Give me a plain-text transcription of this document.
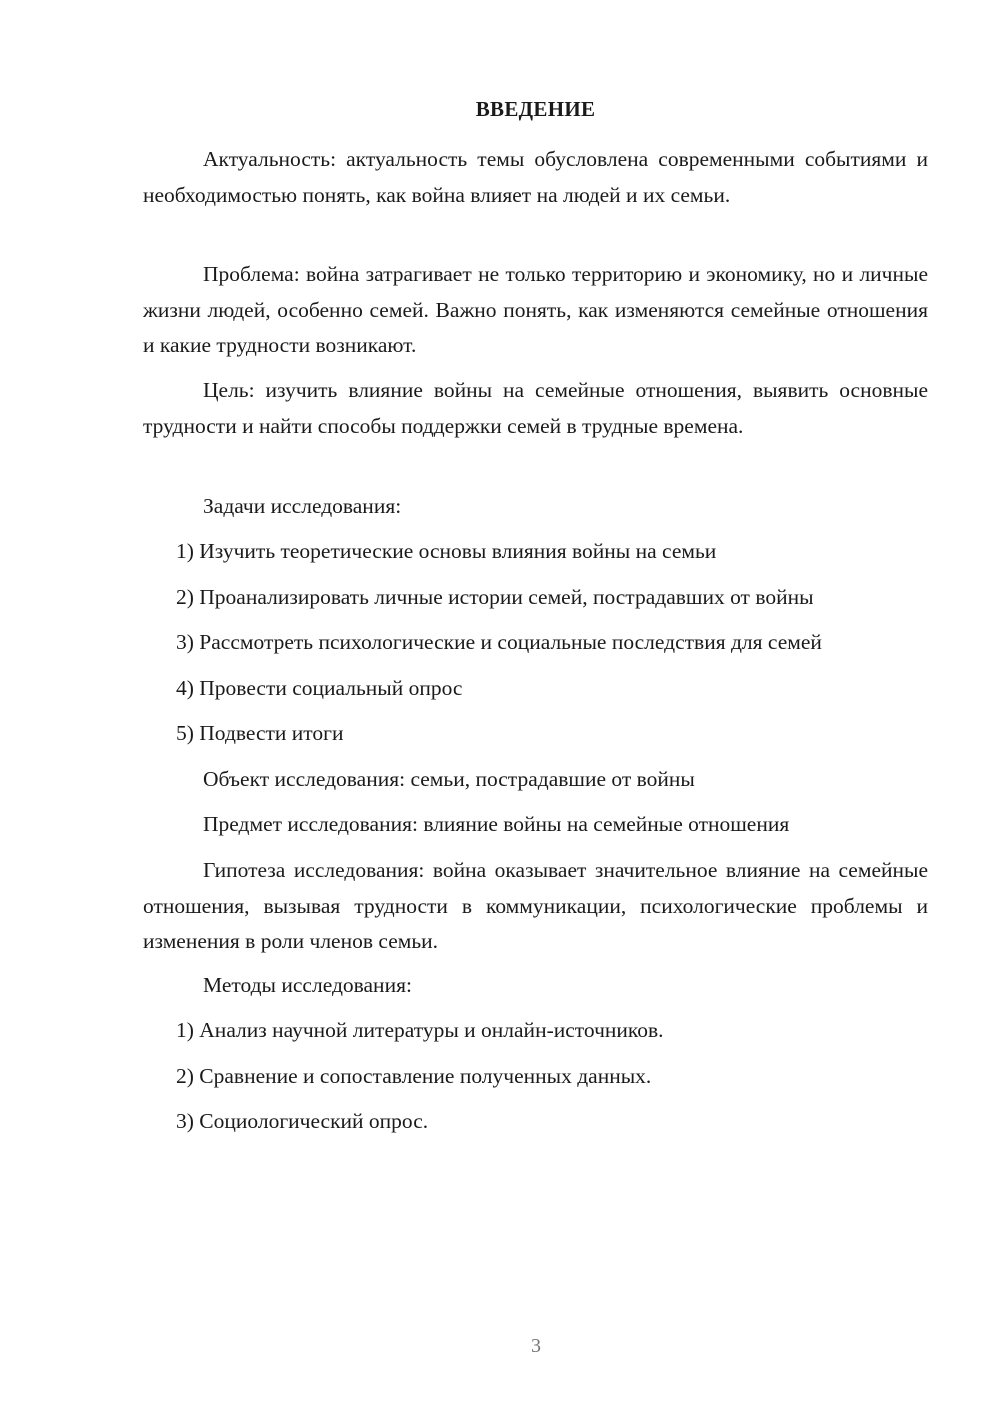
ВВЕДЕНИЕ

Актуальность: актуальность темы обусловлена современными событиями и необходимостью понять, как война влияет на людей и их семьи.

Проблема: война затрагивает не только территорию и экономику, но и личные жизни людей, особенно семей. Важно понять, как изменяются семейные отношения и какие трудности возникают.

Цель: изучить влияние войны на семейные отношения, выявить основные трудности и найти способы поддержки семей в трудные времена.

Задачи исследования:

1) Изучить теоретические основы влияния войны на семьи

2) Проанализировать личные истории семей, пострадавших от войны

3) Рассмотреть психологические и социальные последствия для семей

4) Провести социальный опрос

5) Подвести итоги

Объект исследования: семьи, пострадавшие от войны

Предмет исследования: влияние войны на семейные отношения

Гипотеза исследования: война оказывает значительное влияние на семейные отношения, вызывая трудности в коммуникации, психологические проблемы и изменения в роли членов семьи.

Методы исследования:

1) Анализ научной литературы и онлайн-источников.

2) Сравнение и сопоставление полученных данных.

3) Социологический опрос.

3
